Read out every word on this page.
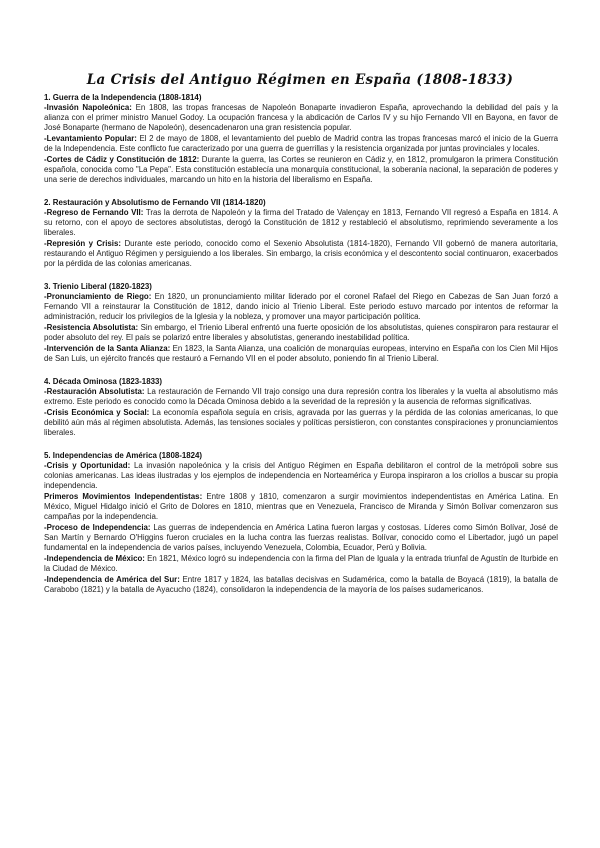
La Crisis del Antiguo Régimen en España (1808-1833)
1. Guerra de la Independencia (1808-1814)
-Invasión Napoleónica: En 1808, las tropas francesas de Napoleón Bonaparte invadieron España, aprovechando la debilidad del país y la alianza con el primer ministro Manuel Godoy. La ocupación francesa y la abdicación de Carlos IV y su hijo Fernando VII en Bayona, en favor de José Bonaparte (hermano de Napoleón), desencadenaron una gran resistencia popular.
-Levantamiento Popular: El 2 de mayo de 1808, el levantamiento del pueblo de Madrid contra las tropas francesas marcó el inicio de la Guerra de la Independencia. Este conflicto fue caracterizado por una guerra de guerrillas y la resistencia organizada por juntas provinciales y locales.
-Cortes de Cádiz y Constitución de 1812: Durante la guerra, las Cortes se reunieron en Cádiz y, en 1812, promulgaron la primera Constitución española, conocida como "La Pepa". Esta constitución establecía una monarquía constitucional, la soberanía nacional, la separación de poderes y una serie de derechos individuales, marcando un hito en la historia del liberalismo en España.
2. Restauración y Absolutismo de Fernando VII (1814-1820)
-Regreso de Fernando VII: Tras la derrota de Napoleón y la firma del Tratado de Valençay en 1813, Fernando VII regresó a España en 1814. A su retorno, con el apoyo de sectores absolutistas, derogó la Constitución de 1812 y restableció el absolutismo, reprimiendo severamente a los liberales.
-Represión y Crisis: Durante este periodo, conocido como el Sexenio Absolutista (1814-1820), Fernando VII gobernó de manera autoritaria, restaurando el Antiguo Régimen y persiguiendo a los liberales. Sin embargo, la crisis económica y el descontento social continuaron, exacerbados por la pérdida de las colonias americanas.
3. Trienio Liberal (1820-1823)
-Pronunciamiento de Riego: En 1820, un pronunciamiento militar liderado por el coronel Rafael del Riego en Cabezas de San Juan forzó a Fernando VII a reinstaurar la Constitución de 1812, dando inicio al Trienio Liberal. Este periodo estuvo marcado por intentos de reformar la administración, reducir los privilegios de la Iglesia y la nobleza, y promover una mayor participación política.
-Resistencia Absolutista: Sin embargo, el Trienio Liberal enfrentó una fuerte oposición de los absolutistas, quienes conspiraron para restaurar el poder absoluto del rey. El país se polarizó entre liberales y absolutistas, generando inestabilidad política.
-Intervención de la Santa Alianza: En 1823, la Santa Alianza, una coalición de monarquías europeas, intervino en España con los Cien Mil Hijos de San Luis, un ejército francés que restauró a Fernando VII en el poder absoluto, poniendo fin al Trienio Liberal.
4. Década Ominosa (1823-1833)
-Restauración Absolutista: La restauración de Fernando VII trajo consigo una dura represión contra los liberales y la vuelta al absolutismo más extremo. Este periodo es conocido como la Década Ominosa debido a la severidad de la represión y la ausencia de reformas significativas.
-Crisis Económica y Social: La economía española seguía en crisis, agravada por las guerras y la pérdida de las colonias americanas, lo que debilitó aún más al régimen absolutista. Además, las tensiones sociales y políticas persistieron, con constantes conspiraciones y pronunciamientos liberales.
5. Independencias de América (1808-1824)
-Crisis y Oportunidad: La invasión napoleónica y la crisis del Antiguo Régimen en España debilitaron el control de la metrópoli sobre sus colonias americanas. Las ideas ilustradas y los ejemplos de independencia en Norteamérica y Europa inspiraron a los criollos a buscar su propia independencia.
Primeros Movimientos Independentistas: Entre 1808 y 1810, comenzaron a surgir movimientos independentistas en América Latina. En México, Miguel Hidalgo inició el Grito de Dolores en 1810, mientras que en Venezuela, Francisco de Miranda y Simón Bolívar comenzaron sus campañas por la independencia.
-Proceso de Independencia: Las guerras de independencia en América Latina fueron largas y costosas. Líderes como Simón Bolívar, José de San Martín y Bernardo O'Higgins fueron cruciales en la lucha contra las fuerzas realistas. Bolívar, conocido como el Libertador, jugó un papel fundamental en la independencia de varios países, incluyendo Venezuela, Colombia, Ecuador, Perú y Bolivia.
-Independencia de México: En 1821, México logró su independencia con la firma del Plan de Iguala y la entrada triunfal de Agustín de Iturbide en la Ciudad de México.
-Independencia de América del Sur: Entre 1817 y 1824, las batallas decisivas en Sudamérica, como la batalla de Boyacá (1819), la batalla de Carabobo (1821) y la batalla de Ayacucho (1824), consolidaron la independencia de la mayoría de los países sudamericanos.
